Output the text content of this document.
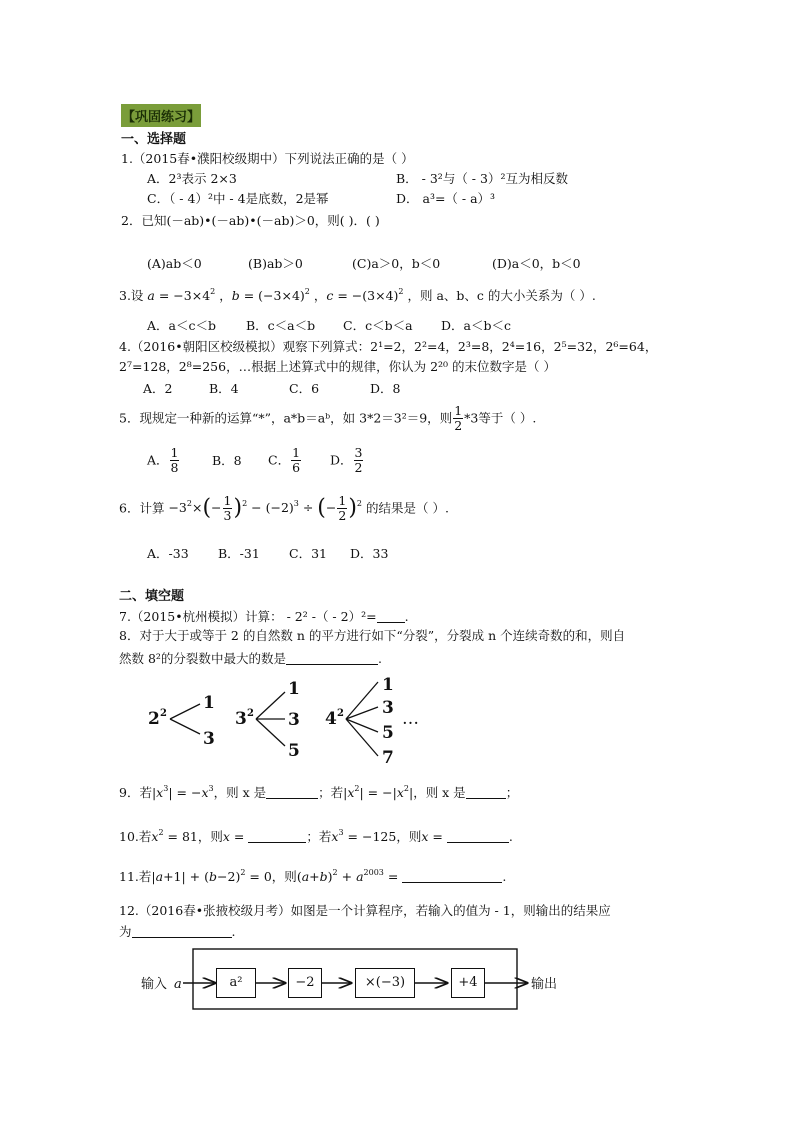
【巩固练习】
一、选择题
1.（2015春•濮阳校级期中）下列说法正确的是（ ）
A．2³表示 2×3	B． - 3²与（ - 3）²互为相反数
C．（ - 4）²中 - 4是底数，2是幂	D． a³=（ - a）³
2．已知(－ab)•(－ab)•(－ab)＞0，则( )．( )
(A)ab＜0	(B)ab＞0	(C)a＞0，b＜0	(D)a＜0，b＜0
3.设 $a = -3\times 4^2$ ，$b = (-3\times 4)^2$ ，$c = -(3\times 4)^2$ ，则 a、b、c 的大小关系为（ ）.
A．a＜c＜b B．c＜a＜b C．c＜b＜a D．a＜b＜c
4.（2016•朝阳区校级模拟）观察下列算式：2¹=2，2²=4，2³=8，2⁴=16，2⁵=32，2⁶=64，
2⁷=128，2⁸=256，…根据上述算式中的规律，你认为 2²⁰ 的末位数字是（ ）
A．2	B．4	C．6	D．8
5．现规定一种新的运算“*”，a*b＝aᵇ，如 3*2＝3²＝9，则 $\frac{1}{2} *3$等于（ ）.
A． $\frac{1}{8}$	B．8 C． $\frac{1}{6}$ D． $\frac{3}{2}$
6．计算 $-3^2\times(- \frac{1}{3} )^2 - (-2)^3$ ÷ (− $\frac{1}{2} )^2$ 的结果是（ ）.
A．-33 B．-31 C．31 D．33
二、填空题
7.（2015•杭州模拟）计算： - 2² -（ - 2）²= .
8．对于大于或等于 2 的自然数 n 的平方进行如下“分裂”，分裂成 n 个连续奇数的和，则自
然数 8²的分裂数中最大的数是	.
2 2
1
3
3 2
1
3
5
4 2
1
3
5
7
…
9．若$|x^3| = -x^3$，则 x 是	；若$|x^2| = -|x^2|$，则 x 是	；
10.若$x^2 = 81$，则x =	；若$x^3 = -125$，则x =	.
11.若$|a+1| + (b-2)^2 = 0$，则$(a+b)^2 + a^{2003}$ =	.
12.（2016春•张掖校级月考）如图是一个计算程序，若输入的值为 - 1，则输出的结果应
为	.
输入 a	输出
a²	−2	×(−3)	+4
